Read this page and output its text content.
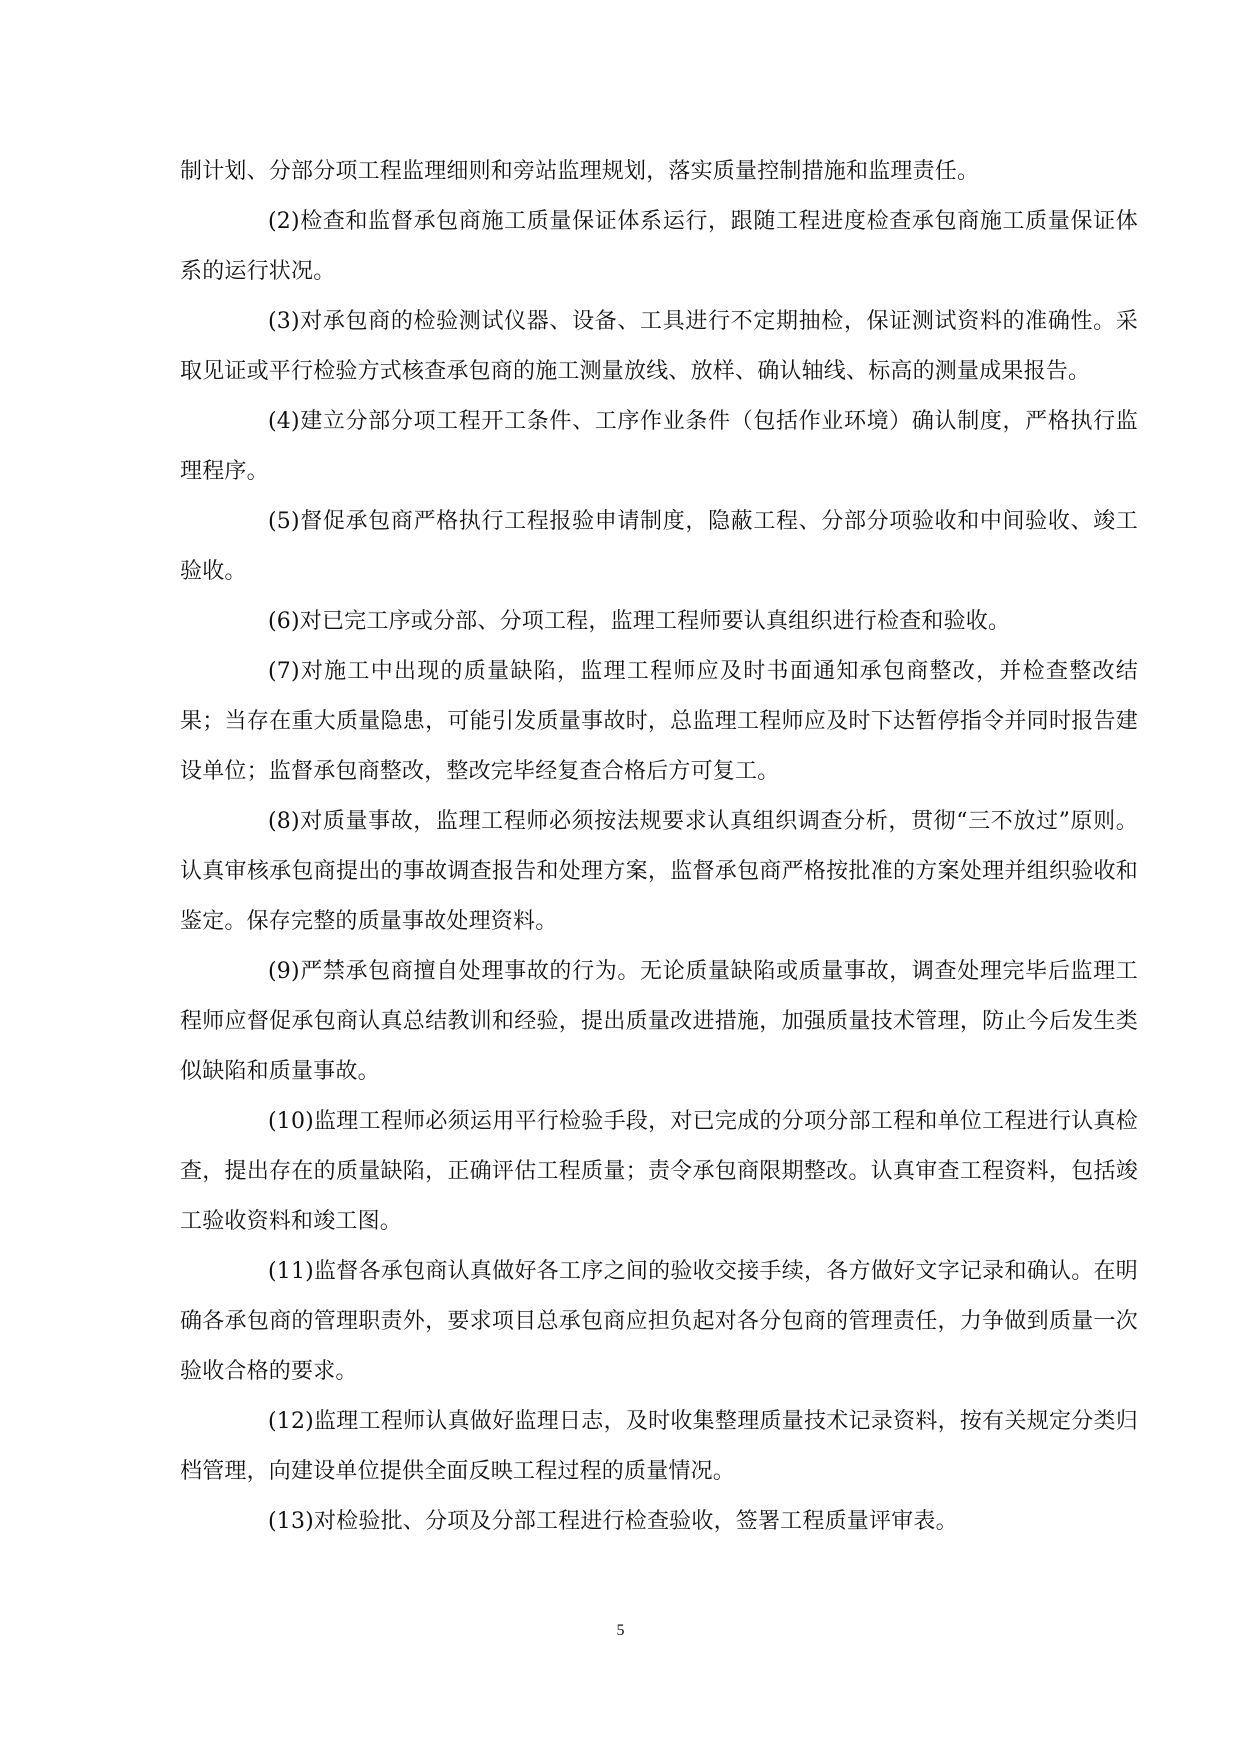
制计划、分部分项工程监理细则和旁站监理规划，落实质量控制措施和监理责任。

(2)检查和监督承包商施工质量保证体系运行，跟随工程进度检查承包商施工质量保证体系的运行状况。

(3)对承包商的检验测试仪器、设备、工具进行不定期抽检，保证测试资料的准确性。采取见证或平行检验方式核查承包商的施工测量放线、放样、确认轴线、标高的测量成果报告。

(4)建立分部分项工程开工条件、工序作业条件（包括作业环境）确认制度，严格执行监理程序。

(5)督促承包商严格执行工程报验申请制度，隐蔽工程、分部分项验收和中间验收、竣工验收。

(6)对已完工序或分部、分项工程，监理工程师要认真组织进行检查和验收。

(7)对施工中出现的质量缺陷，监理工程师应及时书面通知承包商整改，并检查整改结果；当存在重大质量隐患，可能引发质量事故时，总监理工程师应及时下达暂停指令并同时报告建设单位；监督承包商整改，整改完毕经复查合格后方可复工。

(8)对质量事故，监理工程师必须按法规要求认真组织调查分析，贯彻“三不放过”原则。认真审核承包商提出的事故调查报告和处理方案，监督承包商严格按批准的方案处理并组织验收和鉴定。保存完整的质量事故处理资料。

(9)严禁承包商擅自处理事故的行为。无论质量缺陷或质量事故，调查处理完毕后监理工程师应督促承包商认真总结教训和经验，提出质量改进措施，加强质量技术管理，防止今后发生类似缺陷和质量事故。

(10)监理工程师必须运用平行检验手段，对已完成的分项分部工程和单位工程进行认真检查，提出存在的质量缺陷，正确评估工程质量；责令承包商限期整改。认真审查工程资料，包括竣工验收资料和竣工图。

(11)监督各承包商认真做好各工序之间的验收交接手续，各方做好文字记录和确认。在明确各承包商的管理职责外，要求项目总承包商应担负起对各分包商的管理责任，力争做到质量一次验收合格的要求。

(12)监理工程师认真做好监理日志，及时收集整理质量技术记录资料，按有关规定分类归档管理，向建设单位提供全面反映工程过程的质量情况。

(13)对检验批、分项及分部工程进行检查验收，签署工程质量评审表。

5
